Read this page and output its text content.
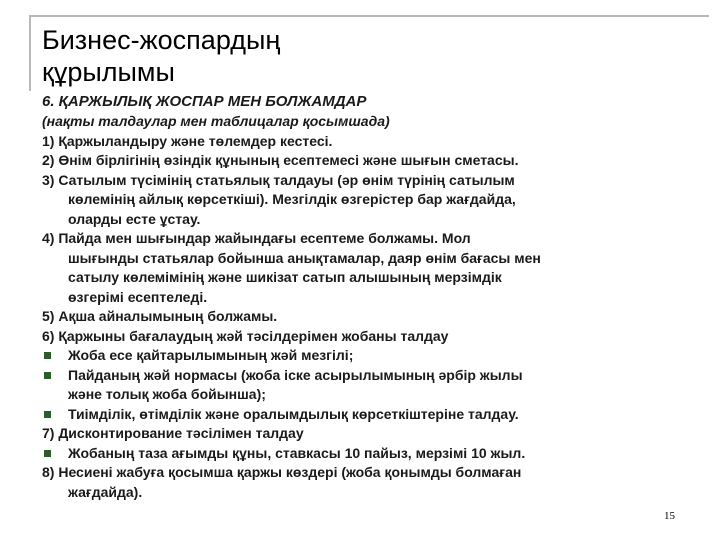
Бизнес-жоспардың
құрылымы
6. ҚАРЖЫЛЫҚ ЖОСПАР МЕН БОЛЖАМДАР
(нақты талдаулар мен таблицалар қосымшада)
1) Қаржыландыру және төлемдер кестесі.
2) Өнім бірлігінің өзіндік құнының есептемесі және шығын сметасы.
3) Сатылым түсімінің статьялық талдауы (әр өнім түрінің сатылым
көлемінің айлық көрсеткіші). Мезгілдік өзгерістер бар жағдайда,
оларды есте ұстау.
4) Пайда мен шығындар жайындағы есептеме болжамы. Мол
шығынды статьялар бойынша анықтамалар, даяр өнім бағасы мен
сатылу көлемімінің және шикізат сатып алышының мерзімдік
өзгерімі есептеледі.
5) Ақша айналымының болжамы.
6) Қаржыны бағалаудың жәй тәсілдерімен жобаны талдау
Жоба есе қайтарылымының жәй мезгілі;
Пайданың жәй нормасы (жоба іске асырылымының әрбір жылы
және толық жоба бойынша);
Тиімділік, өтімділік және оралымдылық көрсеткіштеріне талдау.
7) Дисконтирование тәсілімен талдау
Жобаның таза ағымды құны, ставкасы 10 пайыз, мерзімі 10 жыл.
8) Несиені жабуға қосымша қаржы көздері (жоба қонымды болмаған
жағдайда).
15
